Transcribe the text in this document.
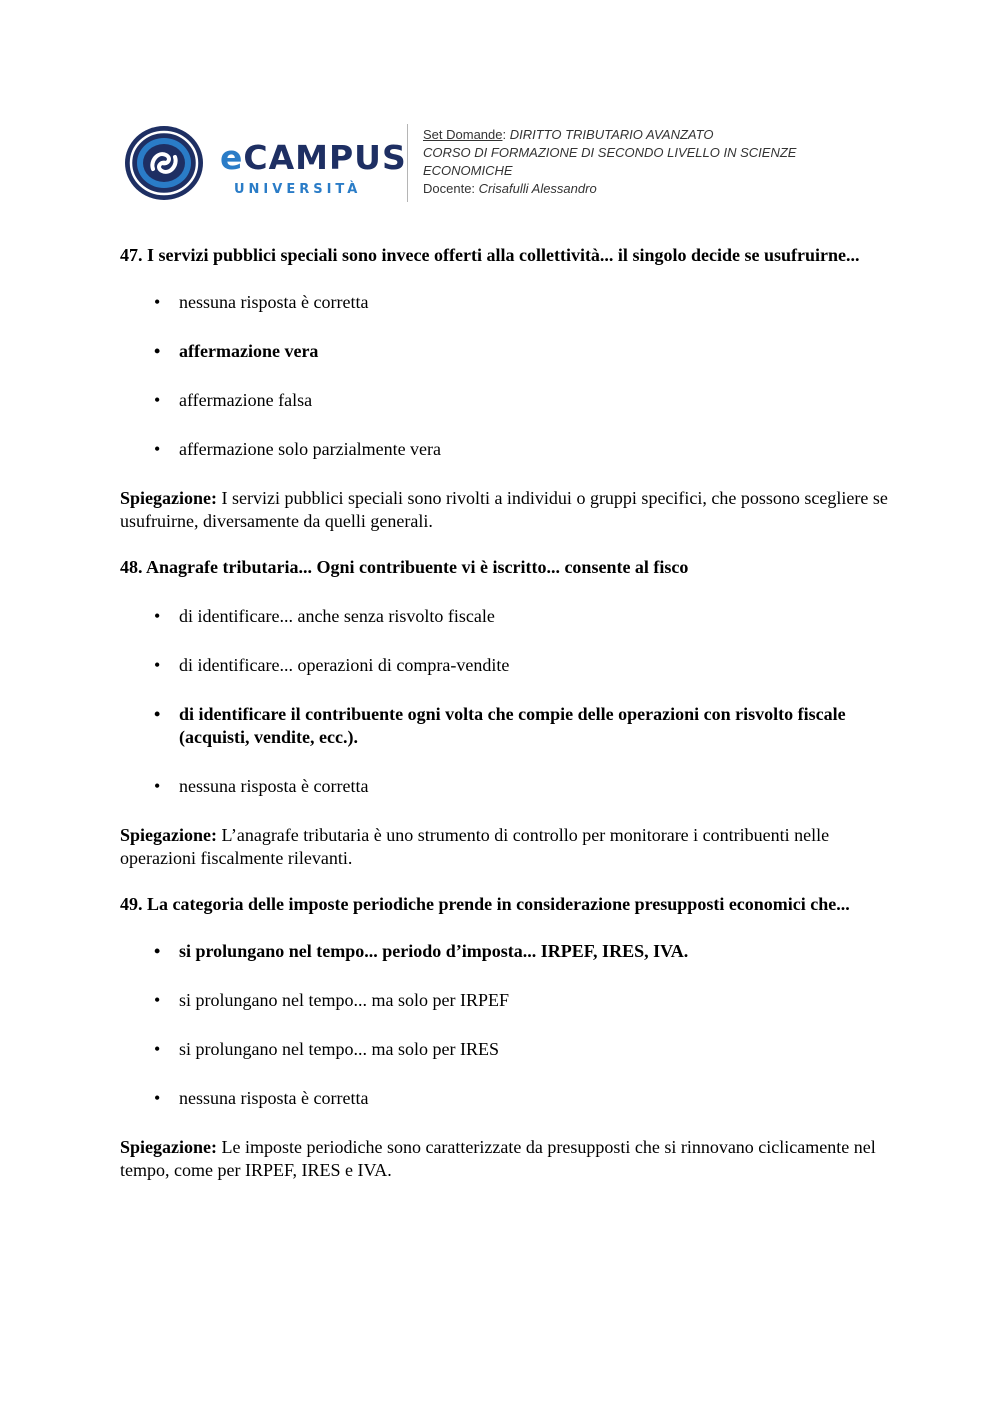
eCAMPUS
UNIVERSITÀ
Set Domande: DIRITTO TRIBUTARIO AVANZATO
CORSO DI FORMAZIONE DI SECONDO LIVELLO IN SCIENZE
ECONOMICHE
Docente: Crisafulli Alessandro

47. I servizi pubblici speciali sono invece offerti alla collettività... il singolo decide se usufruirne...

• nessuna risposta è corretta
• affermazione vera
• affermazione falsa
• affermazione solo parzialmente vera

Spiegazione: I servizi pubblici speciali sono rivolti a individui o gruppi specifici, che possono scegliere se usufruirne, diversamente da quelli generali.

48. Anagrafe tributaria... Ogni contribuente vi è iscritto... consente al fisco

• di identificare... anche senza risvolto fiscale
• di identificare... operazioni di compra-vendite
• di identificare il contribuente ogni volta che compie delle operazioni con risvolto fiscale (acquisti, vendite, ecc.).
• nessuna risposta è corretta

Spiegazione: L’anagrafe tributaria è uno strumento di controllo per monitorare i contribuenti nelle operazioni fiscalmente rilevanti.

49. La categoria delle imposte periodiche prende in considerazione presupposti economici che...

• si prolungano nel tempo... periodo d’imposta... IRPEF, IRES, IVA.
• si prolungano nel tempo... ma solo per IRPEF
• si prolungano nel tempo... ma solo per IRES
• nessuna risposta è corretta

Spiegazione: Le imposte periodiche sono caratterizzate da presupposti che si rinnovano ciclicamente nel tempo, come per IRPEF, IRES e IVA.
